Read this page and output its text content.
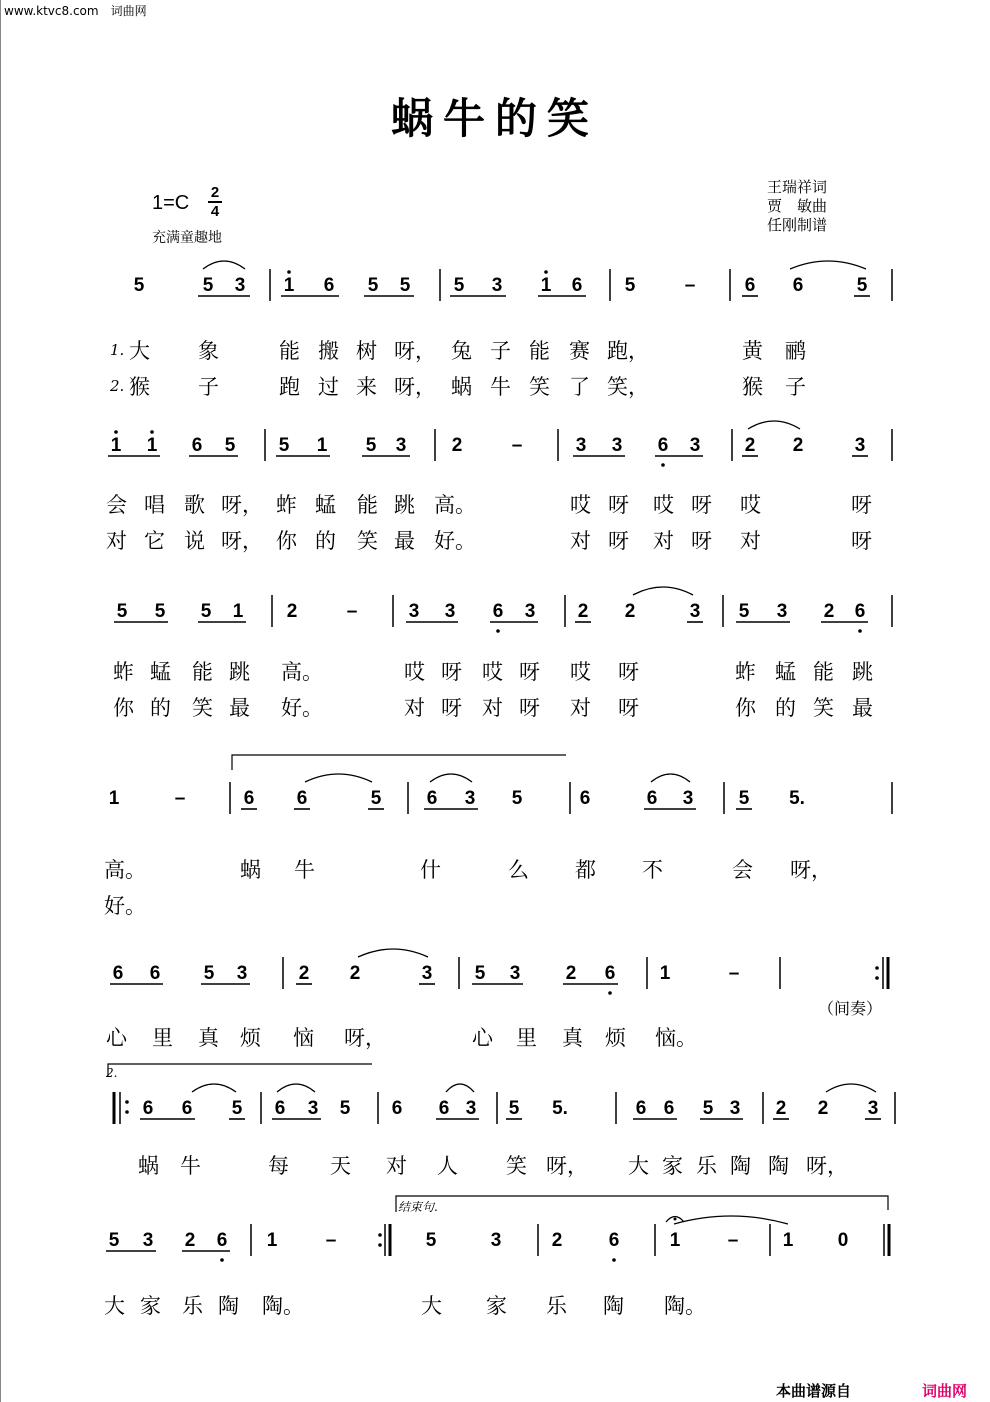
www.ktvc8.com　词曲网
蜗牛的笑
1=C 2
4
充满童趣地
王瑞祥词
贾　敏曲
任刚制谱
5	5 3 1 6 5 5 5 3 1 6 5	–	6 6	5
1 1 6 5 5 1 5 3 2	–	3 3 6 3 2 2	3
5 5 5 1 2	–	3 3 6 3 2 2	3 5 3 2 6
1	–	6 6	5 6 3 5	6	6 3 5 5.
6 6 5 3	2 2	3 5 3 2 6 1	–
6 6 5 6 3 5 6 6 3 5 5.	6 6 5 3 2 2 3
5 3 2 6 1	–	5	3	2 6	1 – 1 0
1.
2.
大 象	能 搬 树 呀， 兔 子 能 赛 跑，	黄 鹂
猴 子	跑 过 来 呀， 蜗 牛 笑 了 笑，	猴 子
会 唱 歌 呀， 蚱 蜢 能 跳 高。	哎 呀 哎 呀 哎	呀
对 它 说 呀， 你 的 笑 最 好。	对 呀 对 呀 对	呀
蚱 蜢 能 跳 高。	哎 呀 哎 呀 哎 呀	蚱 蜢 能 跳
你 的 笑 最 好。	对 呀 对 呀 对 呀	你 的 笑 最
高。	蜗 牛	什	么 都 不	会 呀，
好。
心 里 真 烦 恼 呀，	心 里 真 烦 恼。
蜗 牛	每 天 对 人 笑 呀， 大 家 乐 陶 陶 呀，
大 家 乐 陶 陶。	大 家 乐 陶 陶。
2.
结束句.
（间奏）
本曲谱源自	词曲网
